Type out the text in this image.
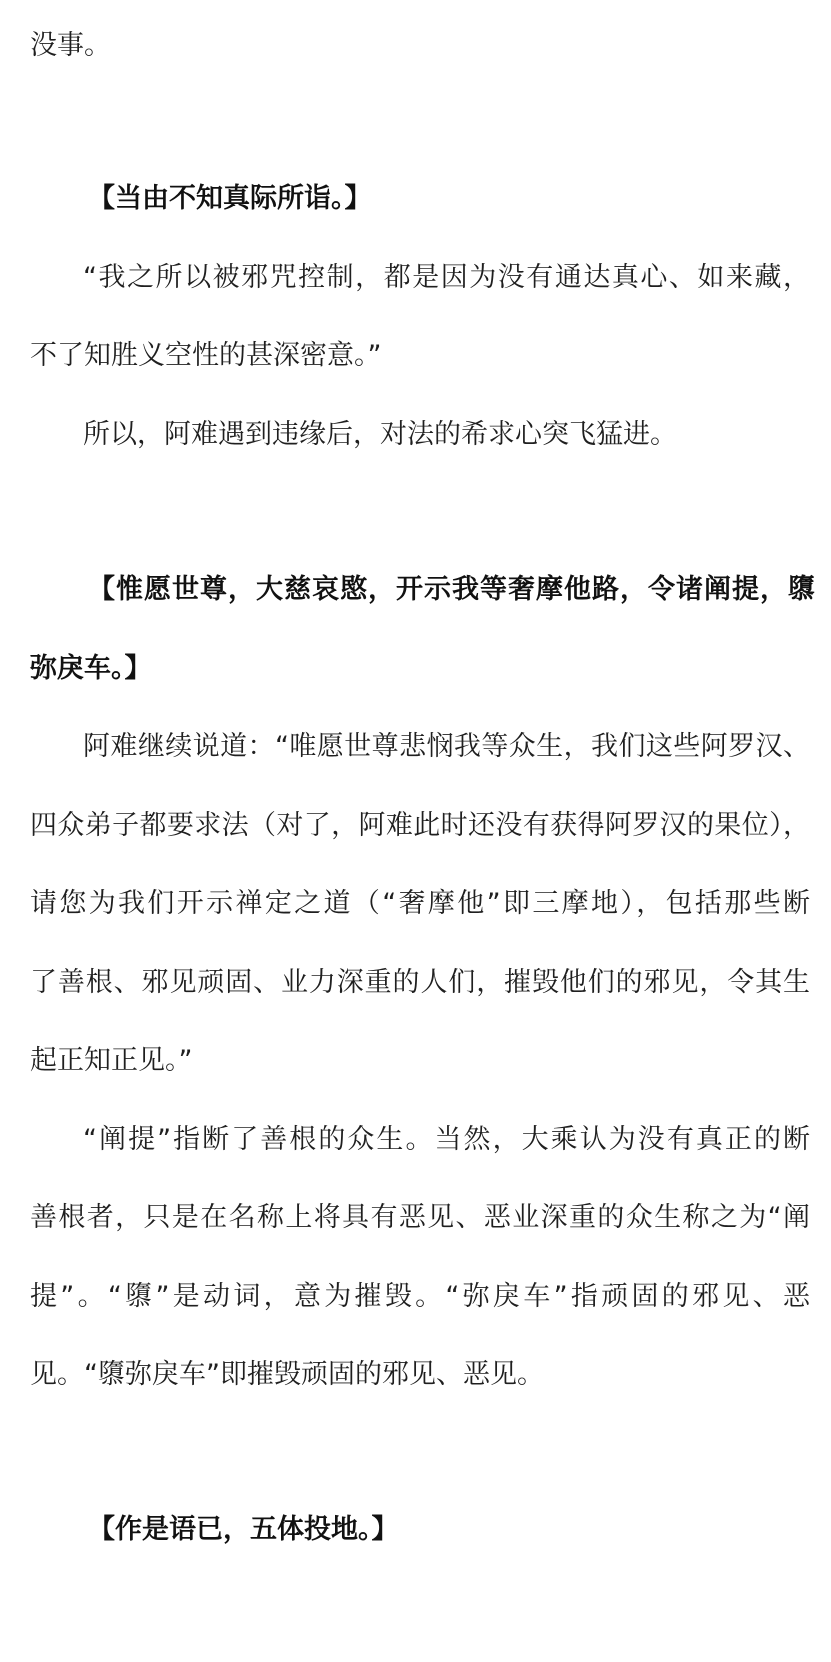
没事。
【当由不知真际所诣。】
“我之所以被邪咒控制，都是因为没有通达真心、如来藏，
不了知胜义空性的甚深密意。”
所以，阿难遇到违缘后，对法的希求心突飞猛进。
【惟愿世尊，大慈哀愍，开示我等奢摩他路，令诸阐提，隳
弥戾车。】
阿难继续说道：“唯愿世尊悲悯我等众生，我们这些阿罗汉、
四众弟子都要求法（对了，阿难此时还没有获得阿罗汉的果位），
请您为我们开示禅定之道（“奢摩他”即三摩地），包括那些断
了善根、邪见顽固、业力深重的人们，摧毁他们的邪见，令其生
起正知正见。”
“阐提”指断了善根的众生。当然，大乘认为没有真正的断
善根者，只是在名称上将具有恶见、恶业深重的众生称之为“阐
提”。“隳”是动词，意为摧毁。“弥戾车”指顽固的邪见、恶
见。“隳弥戾车”即摧毁顽固的邪见、恶见。
【作是语已，五体投地。】
